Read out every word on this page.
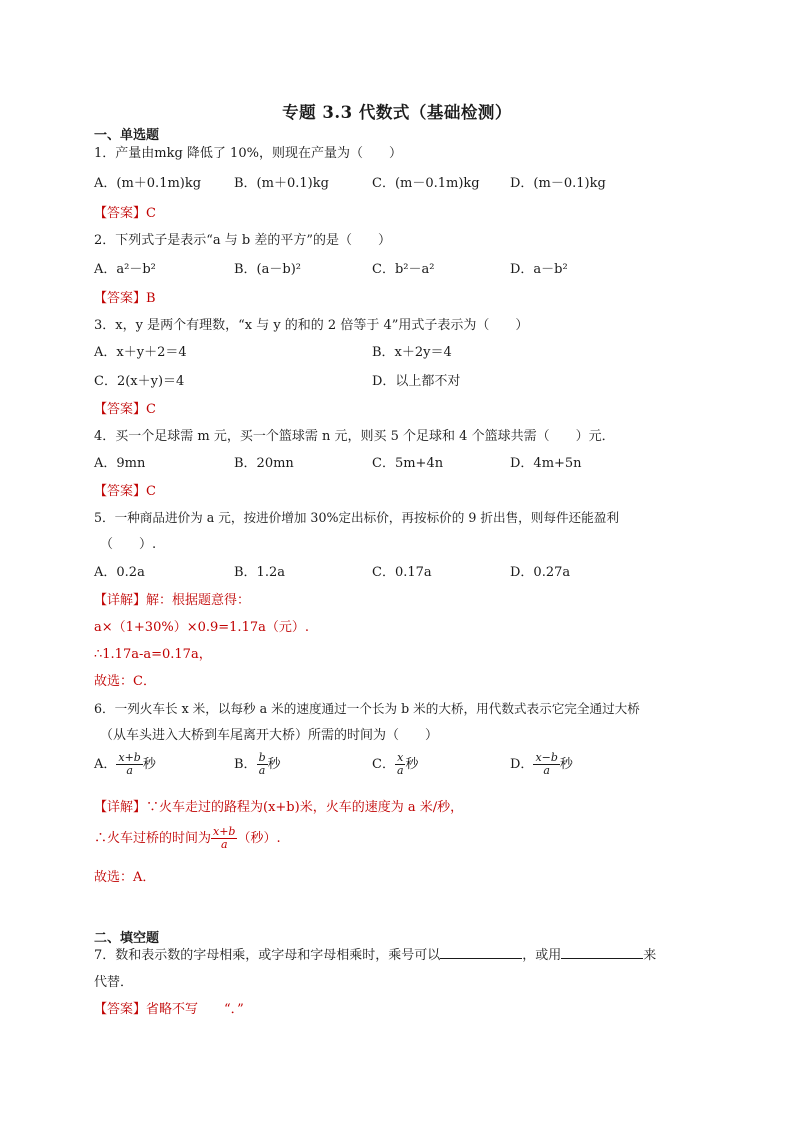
专题 3.3 代数式（基础检测）
一、单选题
1．产量由mkg 降低了 10%，则现在产量为（　　）
A．(m＋0.1m)kg	B．(m＋0.1)kg	C．(m－0.1m)kg D．(m－0.1)kg
【答案】C
2．下列式子是表示“a 与 b 差的平方”的是（　　）
A．a²－b²	B．(a－b)²	C．b²－a²	D．a－b²
【答案】B
3．x，y 是两个有理数，“x 与 y 的和的 2 倍等于 4”用式子表示为（　　）
A．x＋y＋2＝4	B．x＋2y＝4
C．2(x＋y)＝4	D．以上都不对
【答案】C
4．买一个足球需 m 元，买一个篮球需 n 元，则买 5 个足球和 4 个篮球共需（　　）元．
A．9mn	B．20mn	C．5m+4n	D．4m+5n
【答案】C
5．一种商品进价为 a 元，按进价增加 30%定出标价，再按标价的 9 折出售，则每件还能盈利
（　　）.
A．0.2a	B．1.2a	C．0.17a	D．0.27a
【详解】解：根据题意得：
a×（1+30%）×0.9=1.17a（元）.
∴1.17a-a=0.17a，
故选：C．
6．一列火车长 x 米，以每秒 a 米的速度通过一个长为 b 米的大桥，用代数式表示它完全通过大桥
（从车头进入大桥到车尾离开大桥）所需的时间为（　　）
A． $\frac{x+b}{a}$ 秒	B． $\frac{b}{a}$ 秒	C． $\frac{x}{a}$ 秒	D． $\frac{x-b}{a}$ 秒
【详解】∵火车走过的路程为(x+b)米，火车的速度为 a 米/秒，
∴火车过桥的时间为 $\frac{x+b}{a}$ （秒）.
故选：A．
二、填空题
7．数和表示数的字母相乘，或字母和字母相乘时，乘号可以	，或用	来
代替．
【答案】省略不写　　“．”
